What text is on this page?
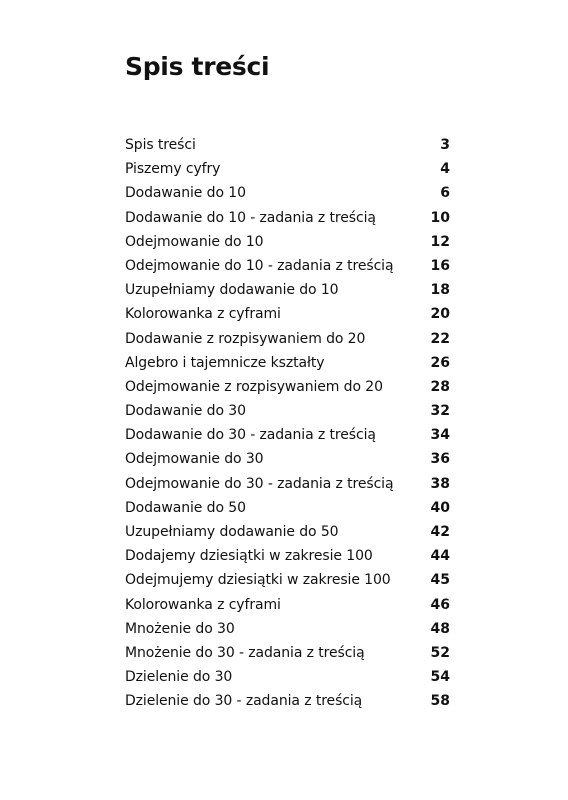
Spis treści
Spis treści	3
Piszemy cyfry	4
Dodawanie do 10	6
Dodawanie do 10 - zadania z treścią	10
Odejmowanie do 10	12
Odejmowanie do 10 - zadania z treścią	16
Uzupełniamy dodawanie do 10	18
Kolorowanka z cyframi	20
Dodawanie z rozpisywaniem do 20	22
Algebro i tajemnicze kształty	26
Odejmowanie z rozpisywaniem do 20	28
Dodawanie do 30	32
Dodawanie do 30 - zadania z treścią	34
Odejmowanie do 30	36
Odejmowanie do 30 - zadania z treścią	38
Dodawanie do 50	40
Uzupełniamy dodawanie do 50	42
Dodajemy dziesiątki w zakresie 100	44
Odejmujemy dziesiątki w zakresie 100	45
Kolorowanka z cyframi	46
Mnożenie do 30	48
Mnożenie do 30 - zadania z treścią	52
Dzielenie do 30	54
Dzielenie do 30 - zadania z treścią	58
